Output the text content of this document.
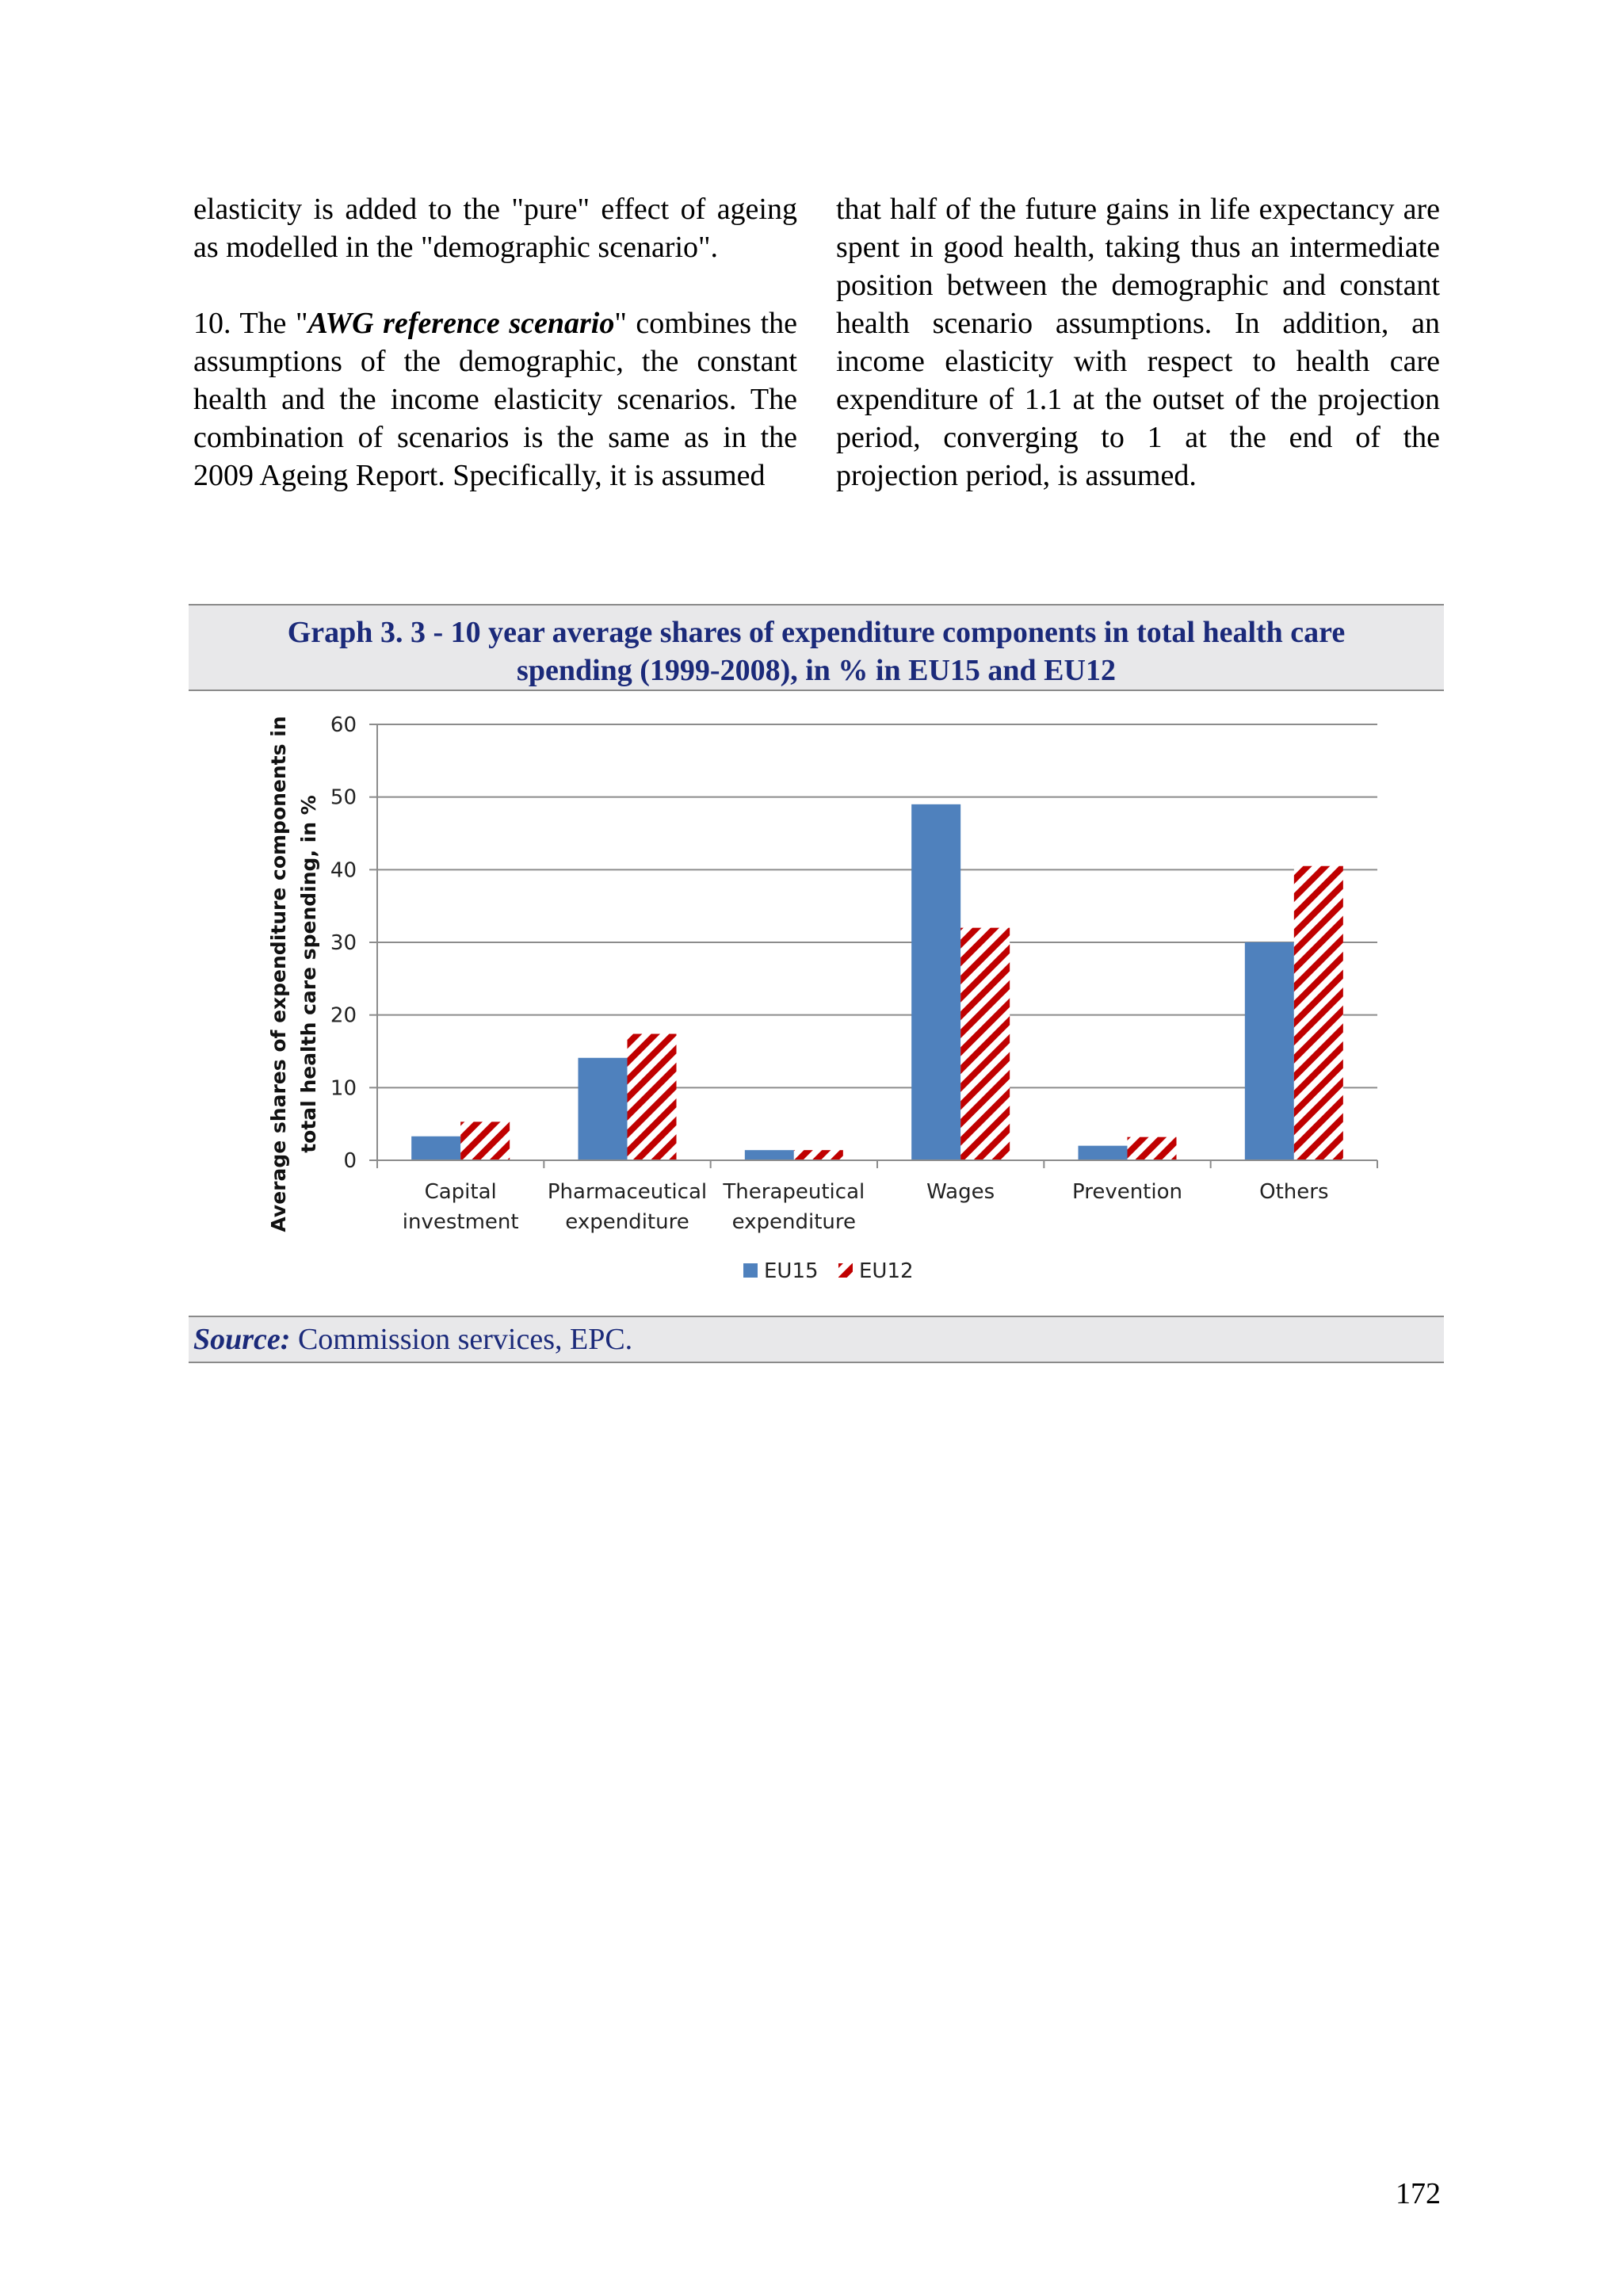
elasticity is added to the "pure" effect of ageing as modelled in the "demographic scenario".

10. The "AWG reference scenario" combines the assumptions of the demographic, the constant health and the income elasticity scenarios. The combination of scenarios is the same as in the 2009 Ageing Report. Specifically, it is assumed

that half of the future gains in life expectancy are spent in good health, taking thus an intermediate position between the demographic and constant health scenario assumptions. In addition, an income elasticity with respect to health care expenditure of 1.1 at the outset of the projection period, converging to 1 at the end of the projection period, is assumed.

Graph 3. 3 - 10 year average shares of expenditure components in total health care
spending (1999-2008), in % in EU15 and EU12
0
10
20
30
40
50
60
Capital
investment
Pharmaceutical
expenditure
Therapeutical
expenditure
Wages	Prevention	Others
Average shares of expenditure components in total health care spending, in %
EU15 EU12
Source: Commission services, EPC.
172
